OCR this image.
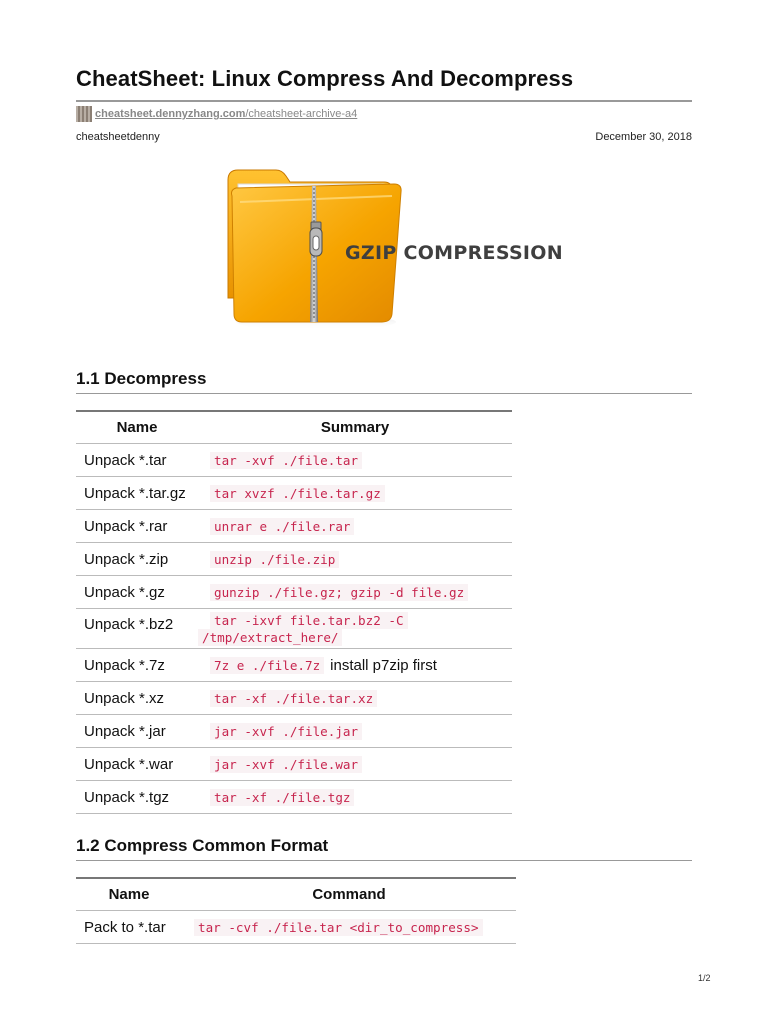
CheatSheet: Linux Compress And Decompress
cheatsheet.dennyzhang.com/cheatsheet-archive-a4
cheatsheetdenny	December 30, 2018
GZIP COMPRESSION
1.1 Decompress
Name	Summary
Unpack *.tar	tar -xvf ./file.tar
Unpack *.tar.gz	tar xvzf ./file.tar.gz
Unpack *.rar	unrar e ./file.rar
Unpack *.zip	unzip ./file.zip
Unpack *.gz	gunzip ./file.gz; gzip -d file.gz
Unpack *.bz2	tar -ixvf file.tar.bz2 -C
/tmp/extract_here/
Unpack *.7z	7z e ./file.7z install p7zip first
Unpack *.xz	tar -xf ./file.tar.xz
Unpack *.jar	jar -xvf ./file.jar
Unpack *.war	jar -xvf ./file.war
Unpack *.tgz	tar -xf ./file.tgz
1.2 Compress Common Format
Name	Command
Pack to *.tar	tar -cvf ./file.tar <dir_to_compress>
1/2
